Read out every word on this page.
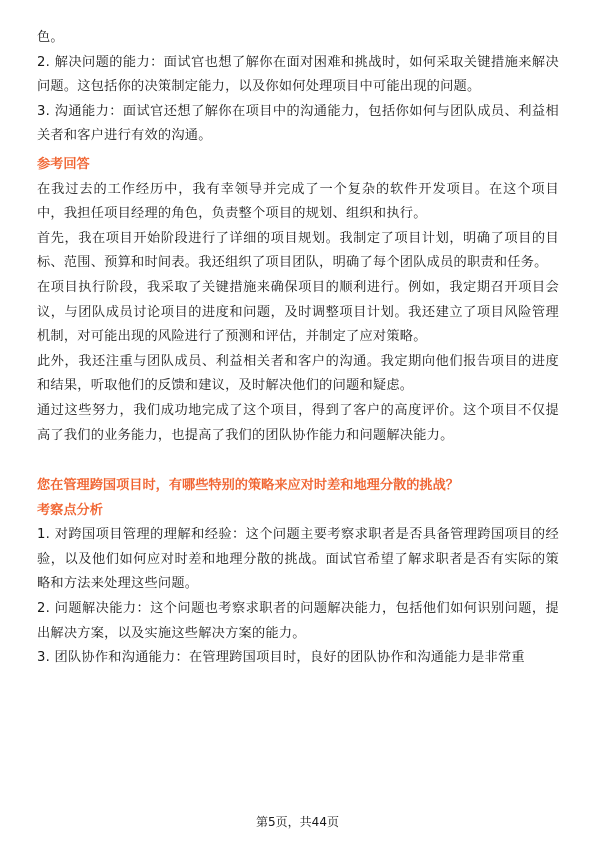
色。

2. 解决问题的能力：面试官也想了解你在面对困难和挑战时，如何采取关键措施来解决问题。这包括你的决策制定能力，以及你如何处理项目中可能出现的问题。

3. 沟通能力：面试官还想了解你在项目中的沟通能力，包括你如何与团队成员、利益相关者和客户进行有效的沟通。

参考回答

在我过去的工作经历中，我有幸领导并完成了一个复杂的软件开发项目。在这个项目中，我担任项目经理的角色，负责整个项目的规划、组织和执行。

首先，我在项目开始阶段进行了详细的项目规划。我制定了项目计划，明确了项目的目标、范围、预算和时间表。我还组织了项目团队，明确了每个团队成员的职责和任务。

在项目执行阶段，我采取了关键措施来确保项目的顺利进行。例如，我定期召开项目会议，与团队成员讨论项目的进度和问题，及时调整项目计划。我还建立了项目风险管理机制，对可能出现的风险进行了预测和评估，并制定了应对策略。

此外，我还注重与团队成员、利益相关者和客户的沟通。我定期向他们报告项目的进度和结果，听取他们的反馈和建议，及时解决他们的问题和疑虑。

通过这些努力，我们成功地完成了这个项目，得到了客户的高度评价。这个项目不仅提高了我们的业务能力，也提高了我们的团队协作能力和问题解决能力。

您在管理跨国项目时，有哪些特别的策略来应对时差和地理分散的挑战？

考察点分析

1. 对跨国项目管理的理解和经验：这个问题主要考察求职者是否具备管理跨国项目的经验，以及他们如何应对时差和地理分散的挑战。面试官希望了解求职者是否有实际的策略和方法来处理这些问题。

2. 问题解决能力：这个问题也考察求职者的问题解决能力，包括他们如何识别问题，提出解决方案，以及实施这些解决方案的能力。

3. 团队协作和沟通能力：在管理跨国项目时，良好的团队协作和沟通能力是非常重

第5页，共44页
